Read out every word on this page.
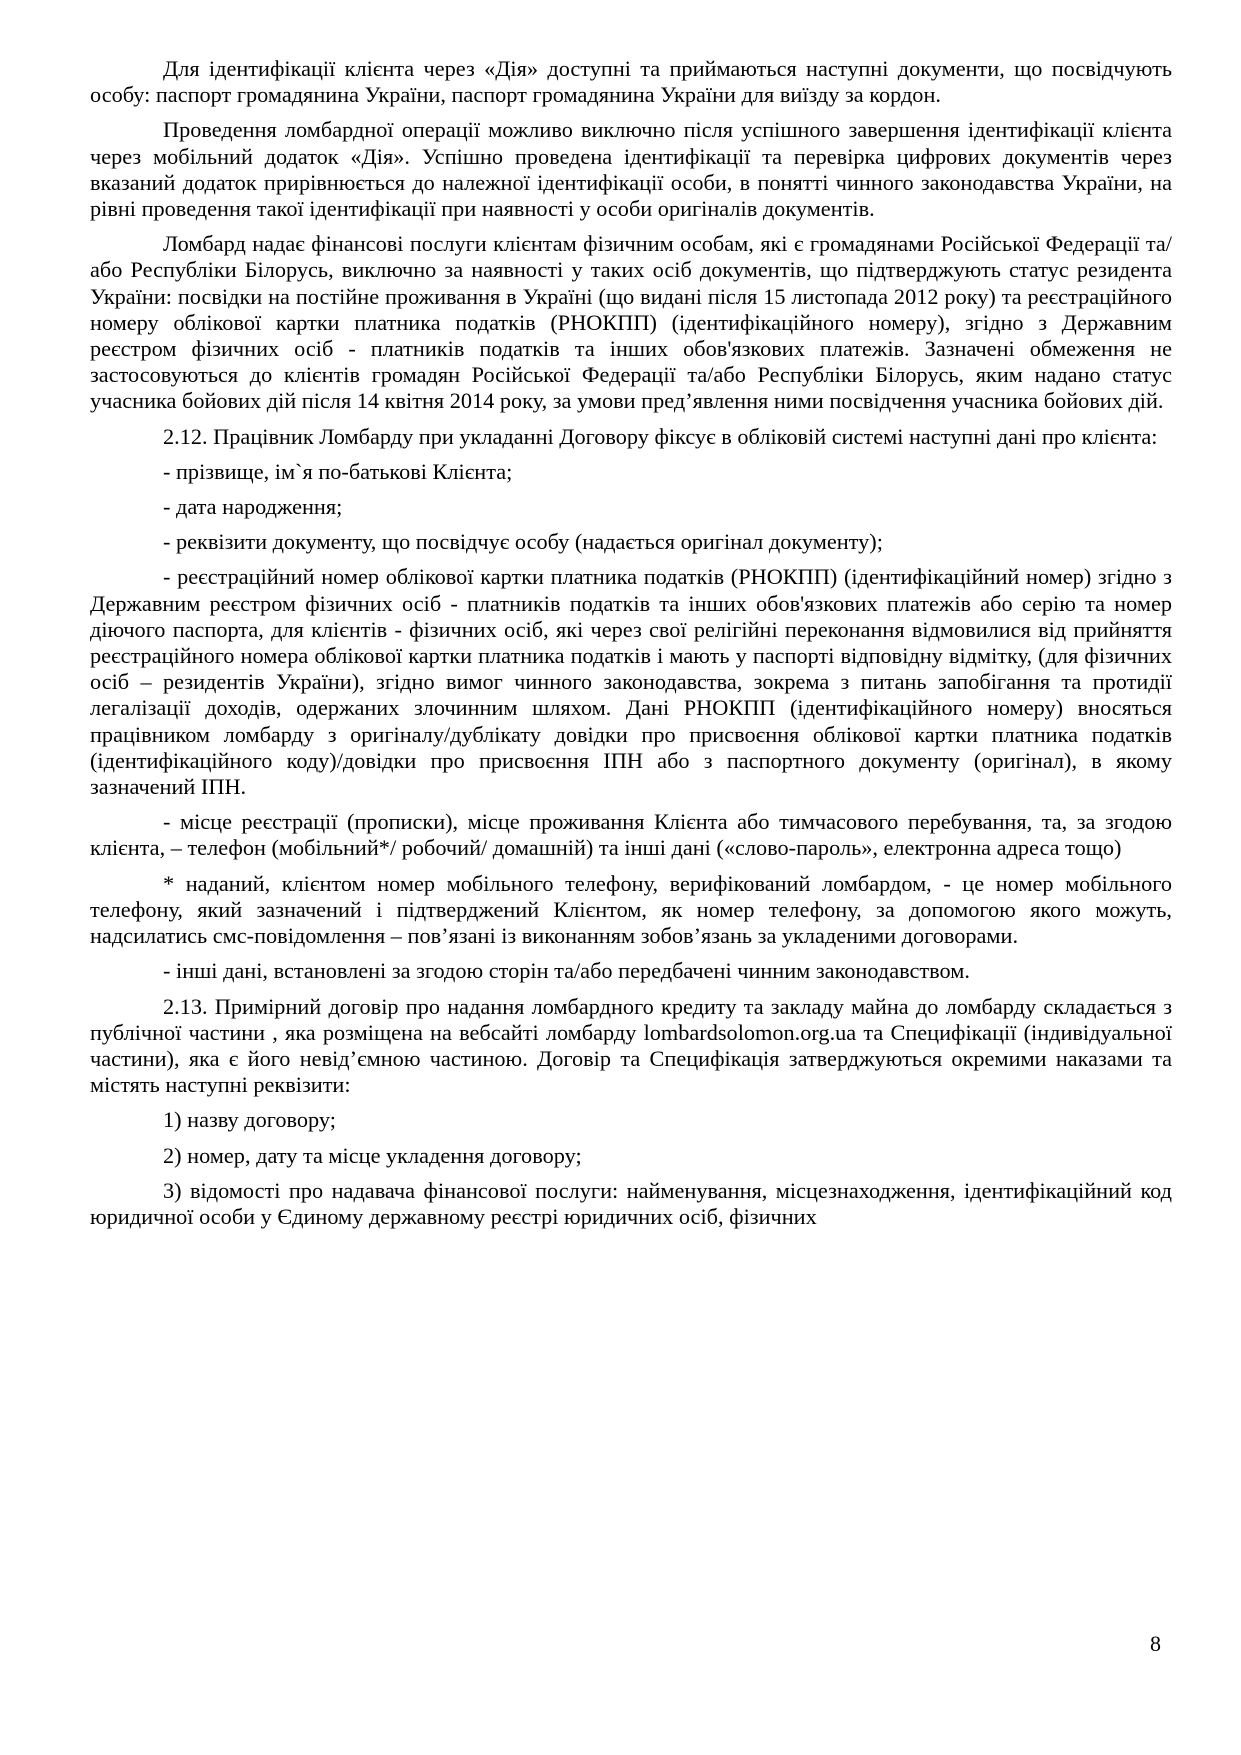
Для ідентифікації клієнта через «Дія» доступні та приймаються наступні документи, що посвідчують особу: паспорт громадянина України, паспорт громадянина України для виїзду за кордон.

Проведення ломбардної операції можливо виключно після успішного завершення ідентифікації клієнта через мобільний додаток «Дія». Успішно проведена ідентифікації та перевірка цифрових документів через вказаний додаток прирівнюється до належної ідентифікації особи, в понятті чинного законодавства України, на рівні проведення такої ідентифікації при наявності у особи оригіналів документів.

Ломбард надає фінансові послуги клієнтам фізичним особам, які є громадянами Російської Федерації та/або Республіки Білорусь, виключно за наявності у таких осіб документів, що підтверджують статус резидента України: посвідки на постійне проживання в Україні (що видані після 15 листопада 2012 року) та реєстраційного номеру облікової картки платника податків (РНОКПП) (ідентифікаційного номеру), згідно з Державним реєстром фізичних осіб - платників податків та інших обов'язкових платежів. Зазначені обмеження не застосовуються до клієнтів громадян Російської Федерації та/або Республіки Білорусь, яким надано статус учасника бойових дій після 14 квітня 2014 року, за умови пред’явлення ними посвідчення учасника бойових дій.

2.12. Працівник Ломбарду при укладанні Договору фіксує в обліковій системі наступні дані про клієнта:

- прізвище, ім`я по-батькові Клієнта;

- дата народження;

- реквізити документу, що посвідчує особу (надається оригінал документу);

- реєстраційний номер облікової картки платника податків (РНОКПП) (ідентифікаційний номер) згідно з Державним реєстром фізичних осіб - платників податків та інших обов'язкових платежів або серію та номер діючого паспорта, для клієнтів - фізичних осіб, які через свої релігійні переконання відмовилися від прийняття реєстраційного номера облікової картки платника податків і мають у паспорті відповідну відмітку, (для фізичних осіб – резидентів України), згідно вимог чинного законодавства, зокрема з питань запобігання та протидії легалізації доходів, одержаних злочинним шляхом. Дані РНОКПП (ідентифікаційного номеру) вносяться працівником ломбарду з оригіналу/дублікату довідки про присвоєння облікової картки платника податків (ідентифікаційного коду)/довідки про присвоєння ІПН або з паспортного документу (оригінал), в якому зазначений ІПН.

- місце реєстрації (прописки), місце проживання Клієнта або тимчасового перебування, та, за згодою клієнта, – телефон (мобільний*/ робочий/ домашній) та інші дані («слово-пароль», електронна адреса тощо)

* наданий, клієнтом номер мобільного телефону, верифікований ломбардом, - це номер мобільного телефону, який зазначений і підтверджений Клієнтом, як номер телефону, за допомогою якого можуть, надсилатись смс-повідомлення – пов’язані із виконанням зобов’язань за укладеними договорами.

- інші дані, встановлені за згодою сторін та/або передбачені чинним законодавством.

2.13. Примірний договір про надання ломбардного кредиту та закладу майна до ломбарду складається з публічної частини , яка розміщена на вебсайті ломбарду lombardsolomon.org.ua та Специфікації (індивідуальної частини), яка є його невід’ємною частиною. Договір та Специфікація затверджуються окремими наказами та містять наступні реквізити:

1) назву договору;

2) номер, дату та місце укладення договору;

3) відомості про надавача фінансової послуги: найменування, місцезнаходження, ідентифікаційний код юридичної особи у Єдиному державному реєстрі юридичних осіб, фізичних

8
